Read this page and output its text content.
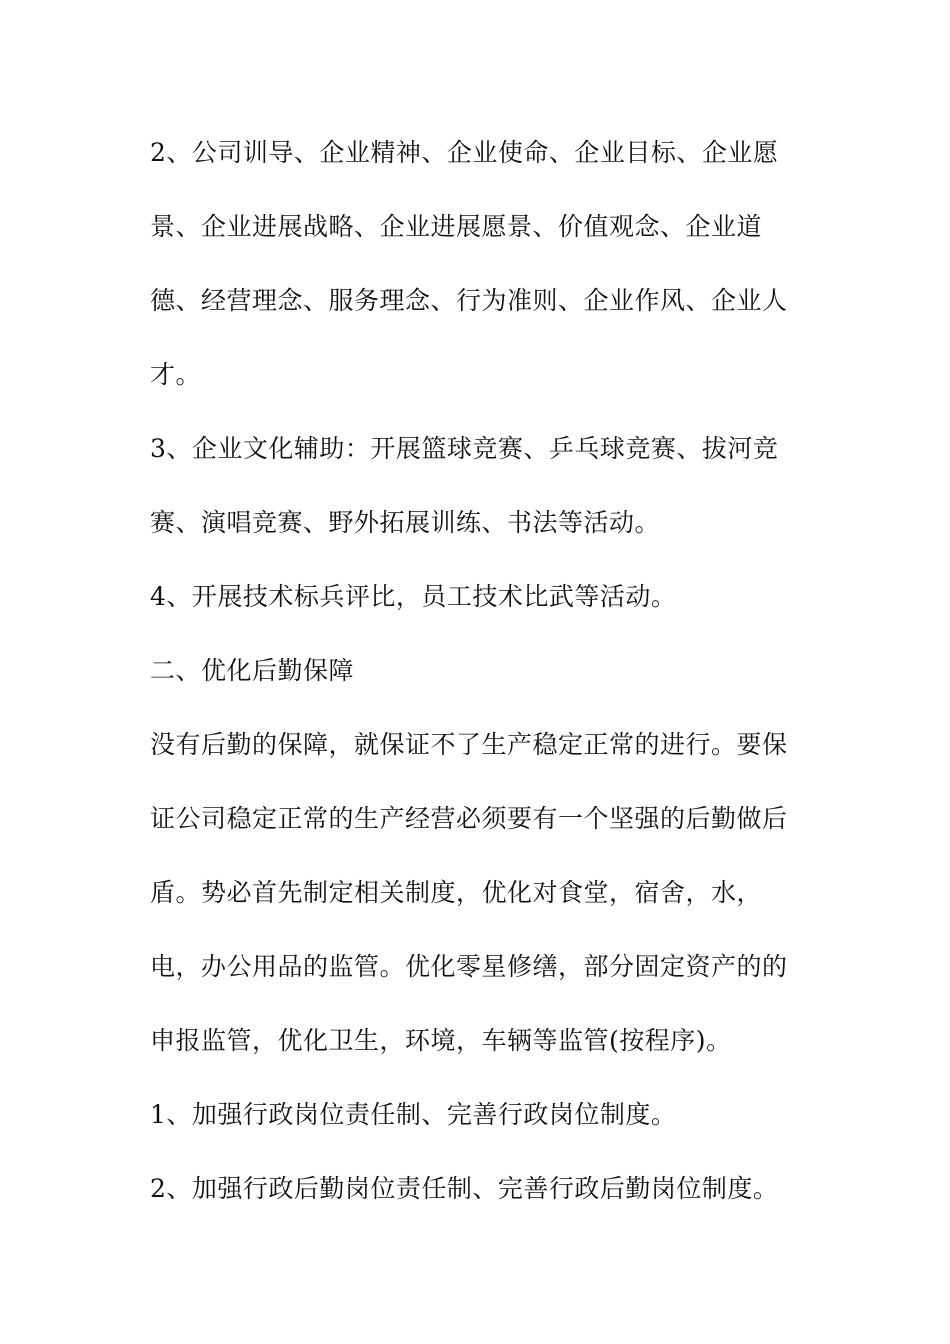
2、公司训导、企业精神、企业使命、企业目标、企业愿
景、企业进展战略、企业进展愿景、价值观念、企业道
德、经营理念、服务理念、行为准则、企业作风、企业人
才。
3、企业文化辅助：开展篮球竞赛、乒乓球竞赛、拔河竞
赛、演唱竞赛、野外拓展训练、书法等活动。
4、开展技术标兵评比，员工技术比武等活动。
二、优化后勤保障
没有后勤的保障，就保证不了生产稳定正常的进行。要保
证公司稳定正常的生产经营必须要有一个坚强的后勤做后
盾。势必首先制定相关制度，优化对食堂，宿舍，水，
电，办公用品的监管。优化零星修缮，部分固定资产的的
申报监管，优化卫生，环境，车辆等监管(按程序)。
1、加强行政岗位责任制、完善行政岗位制度。
2、加强行政后勤岗位责任制、完善行政后勤岗位制度。
